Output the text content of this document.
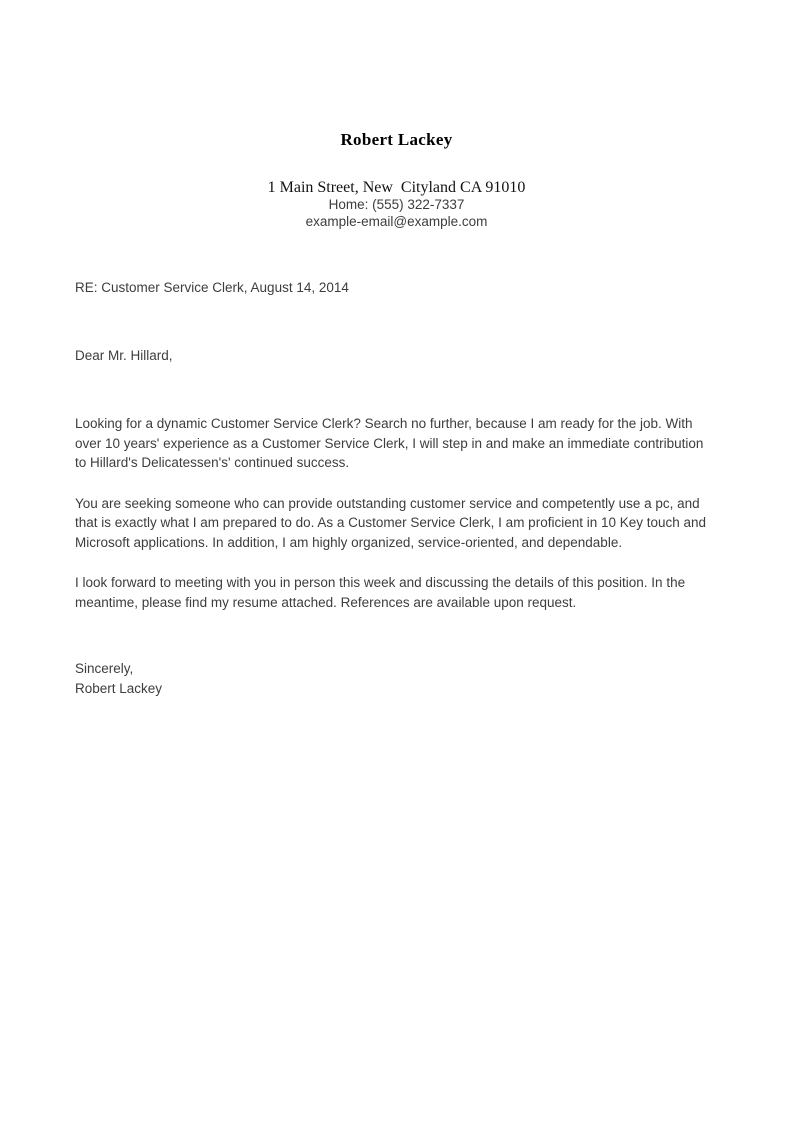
Robert Lackey
1 Main Street, New  Cityland CA 91010
Home: (555) 322-7337
example-email@example.com
RE: Customer Service Clerk, August 14, 2014
Dear Mr. Hillard,

Looking for a dynamic Customer Service Clerk? Search no further, because I am ready for the job. With over 10 years' experience as a Customer Service Clerk, I will step in and make an immediate contribution to Hillard's Delicatessen's' continued success.

You are seeking someone who can provide outstanding customer service and competently use a pc, and that is exactly what I am prepared to do. As a Customer Service Clerk, I am proficient in 10 Key touch and Microsoft applications. In addition, I am highly organized, service-oriented, and dependable.

I look forward to meeting with you in person this week and discussing the details of this position. In the meantime, please find my resume attached. References are available upon request.

Sincerely,
Robert Lackey
